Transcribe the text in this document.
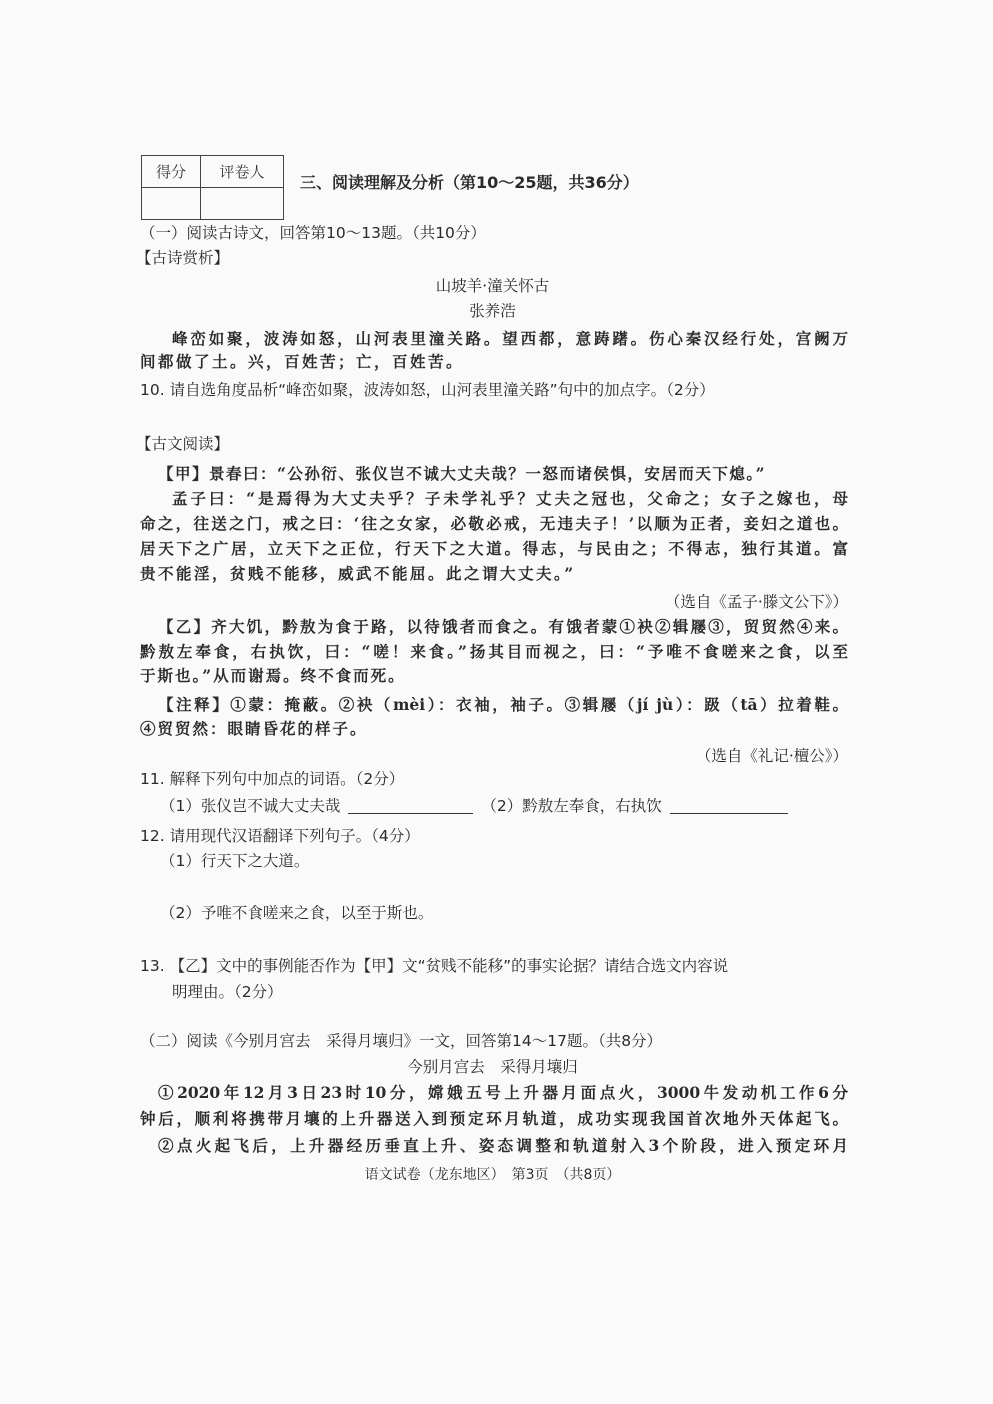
得分	评卷人

三、阅读理解及分析（第10～25题，共36分）
（一）阅读古诗文，回答第10～13题。（共10分）
【古诗赏析】
山坡羊·潼关怀古
张养浩
峰峦如聚，波涛如怒，山河表里潼关路。望西都，意踌躇。伤心秦汉经行处，宫阙万
间都做了土。兴，百姓苦；亡，百姓苦。
10. 请自选角度品析“峰峦如聚，波涛如怒，山河表里潼关路”句中的加点字。（2分）
【古文阅读】
【甲】景春曰：“公孙衍、张仪岂不诚大丈夫哉？一怒而诸侯惧，安居而天下熄。”
孟子曰：“是焉得为大丈夫乎？子未学礼乎？丈夫之冠也，父命之；女子之嫁也，母
命之，往送之门，戒之曰：‘往之女家，必敬必戒，无违夫子！’以顺为正者，妾妇之道也。
居天下之广居，立天下之正位，行天下之大道。得志，与民由之；不得志，独行其道。富
贵不能淫，贫贱不能移，威武不能屈。此之谓大丈夫。”
（选自《孟子·滕文公下》）
【乙】齐大饥，黔敖为食于路，以待饿者而食之。有饿者蒙①袂②辑屦③，贸贸然④来。
黔敖左奉食，右执饮，曰：“嗟！来食。”扬其目而视之，曰：“予唯不食嗟来之食，以至
于斯也。”从而谢焉。终不食而死。
【注释】①蒙：掩蔽。②袂（mèi）：衣袖，袖子。③辑屦（jí jù）：趿（tā）拉着鞋。
④贸贸然：眼睛昏花的样子。
（选自《礼记·檀公》）
11. 解释下列句中加点的词语。（2分）
（1）张仪岂不诚大丈夫哉	（2）黔敖左奉食，右执饮
12. 请用现代汉语翻译下列句子。（4分）
（1）行天下之大道。
（2）予唯不食嗟来之食，以至于斯也。
13. 【乙】文中的事例能否作为【甲】文“贫贱不能移”的事实论据？请结合选文内容说
明理由。（2分）
（二）阅读《今别月宫去　采得月壤归》一文，回答第14～17题。（共8分）
今别月宫去　采得月壤归
①2020年12月3日23时10分，嫦娥五号上升器月面点火，3000牛发动机工作6分
钟后，顺利将携带月壤的上升器送入到预定环月轨道，成功实现我国首次地外天体起飞。
②点火起飞后，上升器经历垂直上升、姿态调整和轨道射入3个阶段，进入预定环月
语文试卷（龙东地区）　第3页　（共8页）
